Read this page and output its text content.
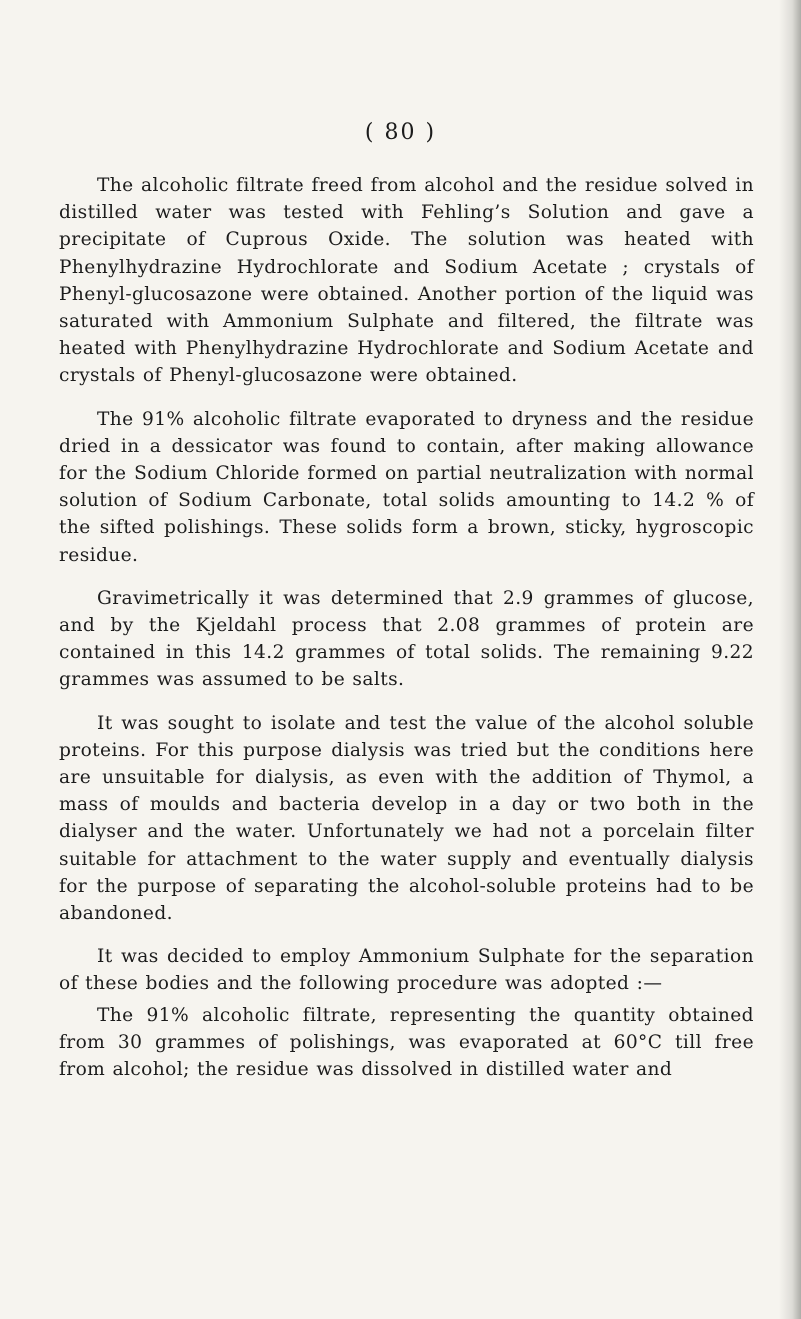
( 80 )

The alcoholic filtrate freed from alcohol and the residue solved in distilled water was tested with Fehling’s Solution and gave a precipitate of Cuprous Oxide. The solution was heated with Phenylhydrazine Hydrochlorate and Sodium Acetate ; crystals of Phenyl-glucosazone were obtained. Another portion of the liquid was saturated with Ammonium Sulphate and filtered, the filtrate was heated with Phenylhydrazine Hydrochlorate and Sodium Acetate and crystals of Phenyl-glucosazone were obtained.

The 91% alcoholic filtrate evaporated to dryness and the residue dried in a dessicator was found to contain, after making allowance for the Sodium Chloride formed on partial neutralization with normal solution of Sodium Carbonate, total solids amounting to 14.2 % of the sifted polishings. These solids form a brown, sticky, hygroscopic residue.

Gravimetrically it was determined that 2.9 grammes of glucose, and by the Kjeldahl process that 2.08 grammes of protein are contained in this 14.2 grammes of total solids. The remaining 9.22 grammes was assumed to be salts.

It was sought to isolate and test the value of the alcohol soluble proteins. For this purpose dialysis was tried but the conditions here are unsuitable for dialysis, as even with the addition of Thymol, a mass of moulds and bacteria develop in a day or two both in the dialyser and the water. Unfortunately we had not a porcelain filter suitable for attachment to the water supply and eventually dialysis for the purpose of separating the alcohol-soluble proteins had to be abandoned.

It was decided to employ Ammonium Sulphate for the separation of these bodies and the following procedure was adopted :—

The 91% alcoholic filtrate, representing the quantity obtained from 30 grammes of polishings, was evaporated at 60°C till free from alcohol; the residue was dissolved in distilled water and
